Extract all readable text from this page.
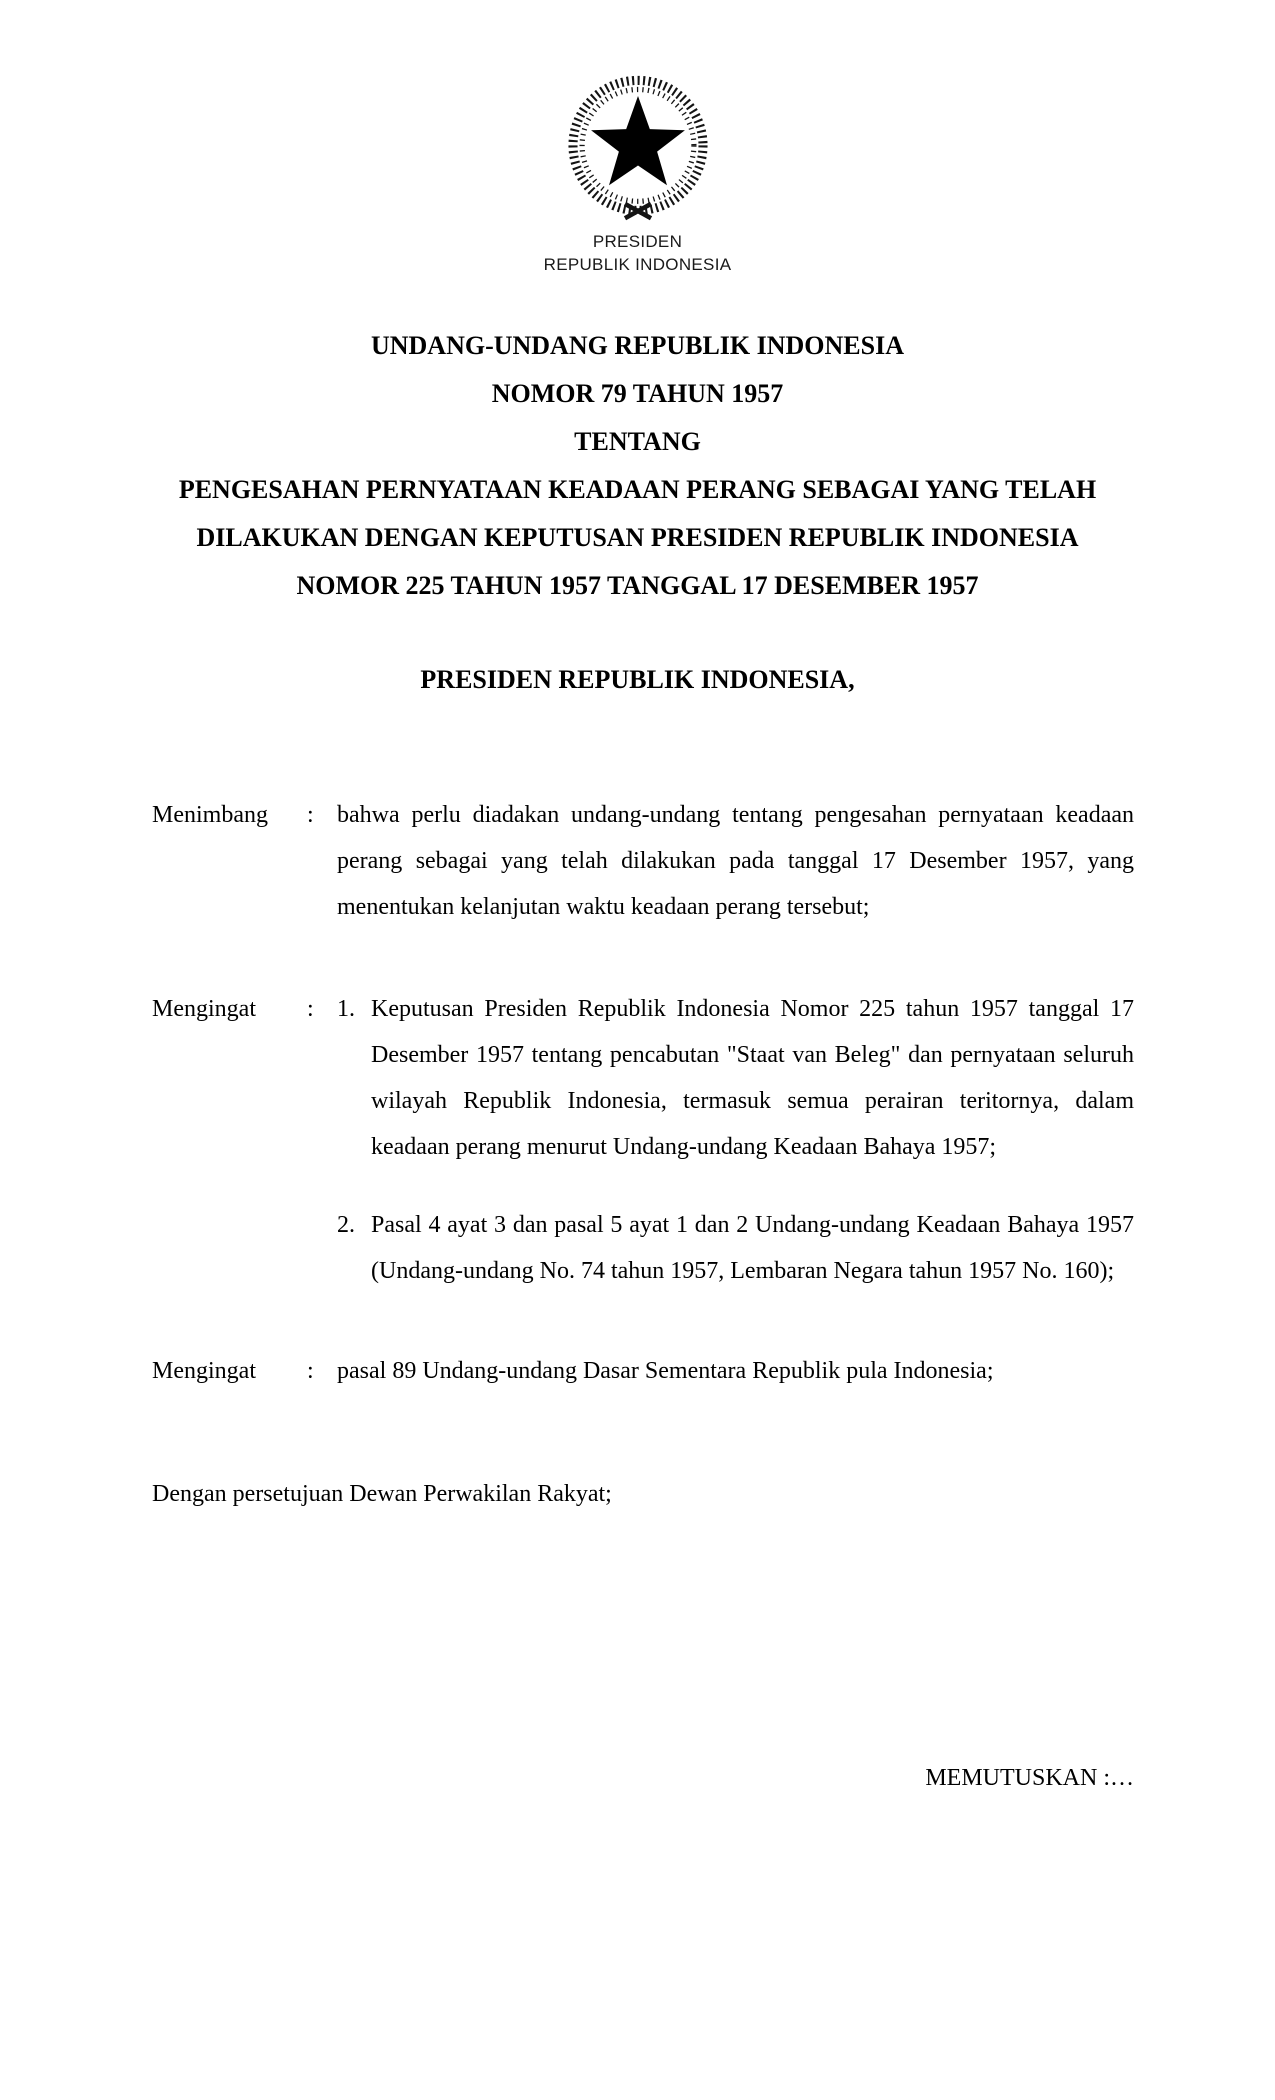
PRESIDEN
REPUBLIK INDONESIA
UNDANG-UNDANG REPUBLIK INDONESIA
NOMOR 79 TAHUN 1957
TENTANG
PENGESAHAN PERNYATAAN KEADAAN PERANG SEBAGAI YANG TELAH
DILAKUKAN DENGAN KEPUTUSAN PRESIDEN REPUBLIK INDONESIA
NOMOR 225 TAHUN 1957 TANGGAL 17 DESEMBER 1957
PRESIDEN REPUBLIK INDONESIA,
Menimbang	: bahwa perlu diadakan undang-undang tentang pengesahan pernyataan keadaan perang sebagai yang telah dilakukan pada tanggal 17 Desember 1957, yang menentukan kelanjutan waktu keadaan perang tersebut;
Mengingat	: 1. Keputusan Presiden Republik Indonesia Nomor 225 tahun 1957 tanggal 17 Desember 1957 tentang pencabutan "Staat van Beleg" dan pernyataan seluruh wilayah Republik Indonesia, termasuk semua perairan teritornya, dalam keadaan perang menurut Undang-undang Keadaan Bahaya 1957;
2. Pasal 4 ayat 3 dan pasal 5 ayat 1 dan 2 Undang-undang Keadaan Bahaya 1957 (Undang-undang No. 74 tahun 1957, Lembaran Negara tahun 1957 No. 160);
Mengingat	: pasal 89 Undang-undang Dasar Sementara Republik pula Indonesia;
Dengan persetujuan Dewan Perwakilan Rakyat;
MEMUTUSKAN :…
